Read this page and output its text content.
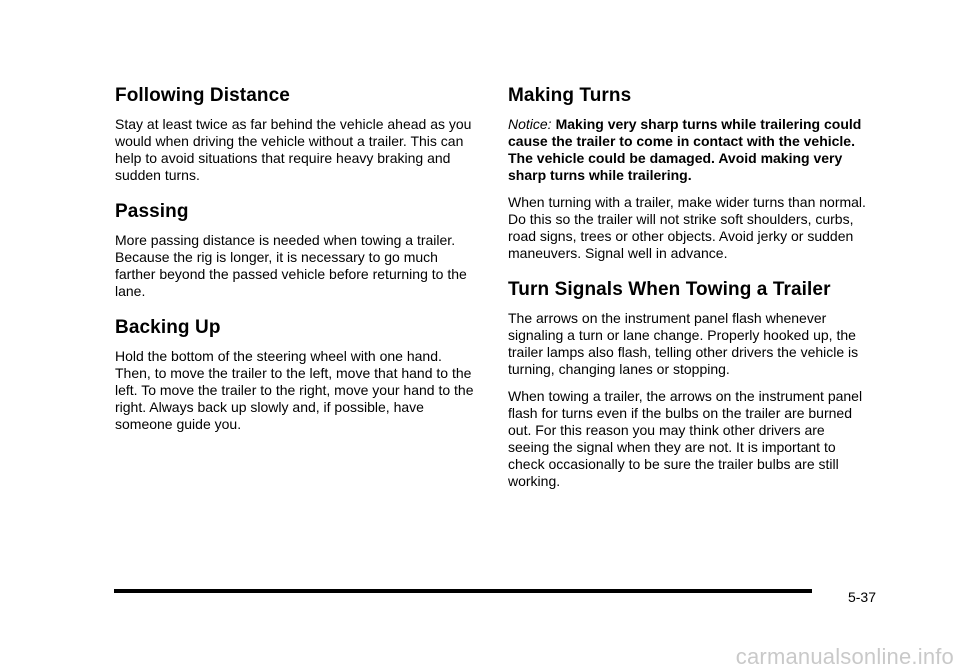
Following Distance

Stay at least twice as far behind the vehicle ahead as you would when driving the vehicle without a trailer. This can help to avoid situations that require heavy braking and sudden turns.

Passing

More passing distance is needed when towing a trailer. Because the rig is longer, it is necessary to go much farther beyond the passed vehicle before returning to the lane.

Backing Up

Hold the bottom of the steering wheel with one hand. Then, to move the trailer to the left, move that hand to the left. To move the trailer to the right, move your hand to the right. Always back up slowly and, if possible, have someone guide you.

Making Turns

Notice: Making very sharp turns while trailering could cause the trailer to come in contact with the vehicle. The vehicle could be damaged. Avoid making very sharp turns while trailering.

When turning with a trailer, make wider turns than normal. Do this so the trailer will not strike soft shoulders, curbs, road signs, trees or other objects. Avoid jerky or sudden maneuvers. Signal well in advance.

Turn Signals When Towing a Trailer

The arrows on the instrument panel flash whenever signaling a turn or lane change. Properly hooked up, the trailer lamps also flash, telling other drivers the vehicle is turning, changing lanes or stopping.

When towing a trailer, the arrows on the instrument panel flash for turns even if the bulbs on the trailer are burned out. For this reason you may think other drivers are seeing the signal when they are not. It is important to check occasionally to be sure the trailer bulbs are still working.

5-37
carmanualsonline.info
